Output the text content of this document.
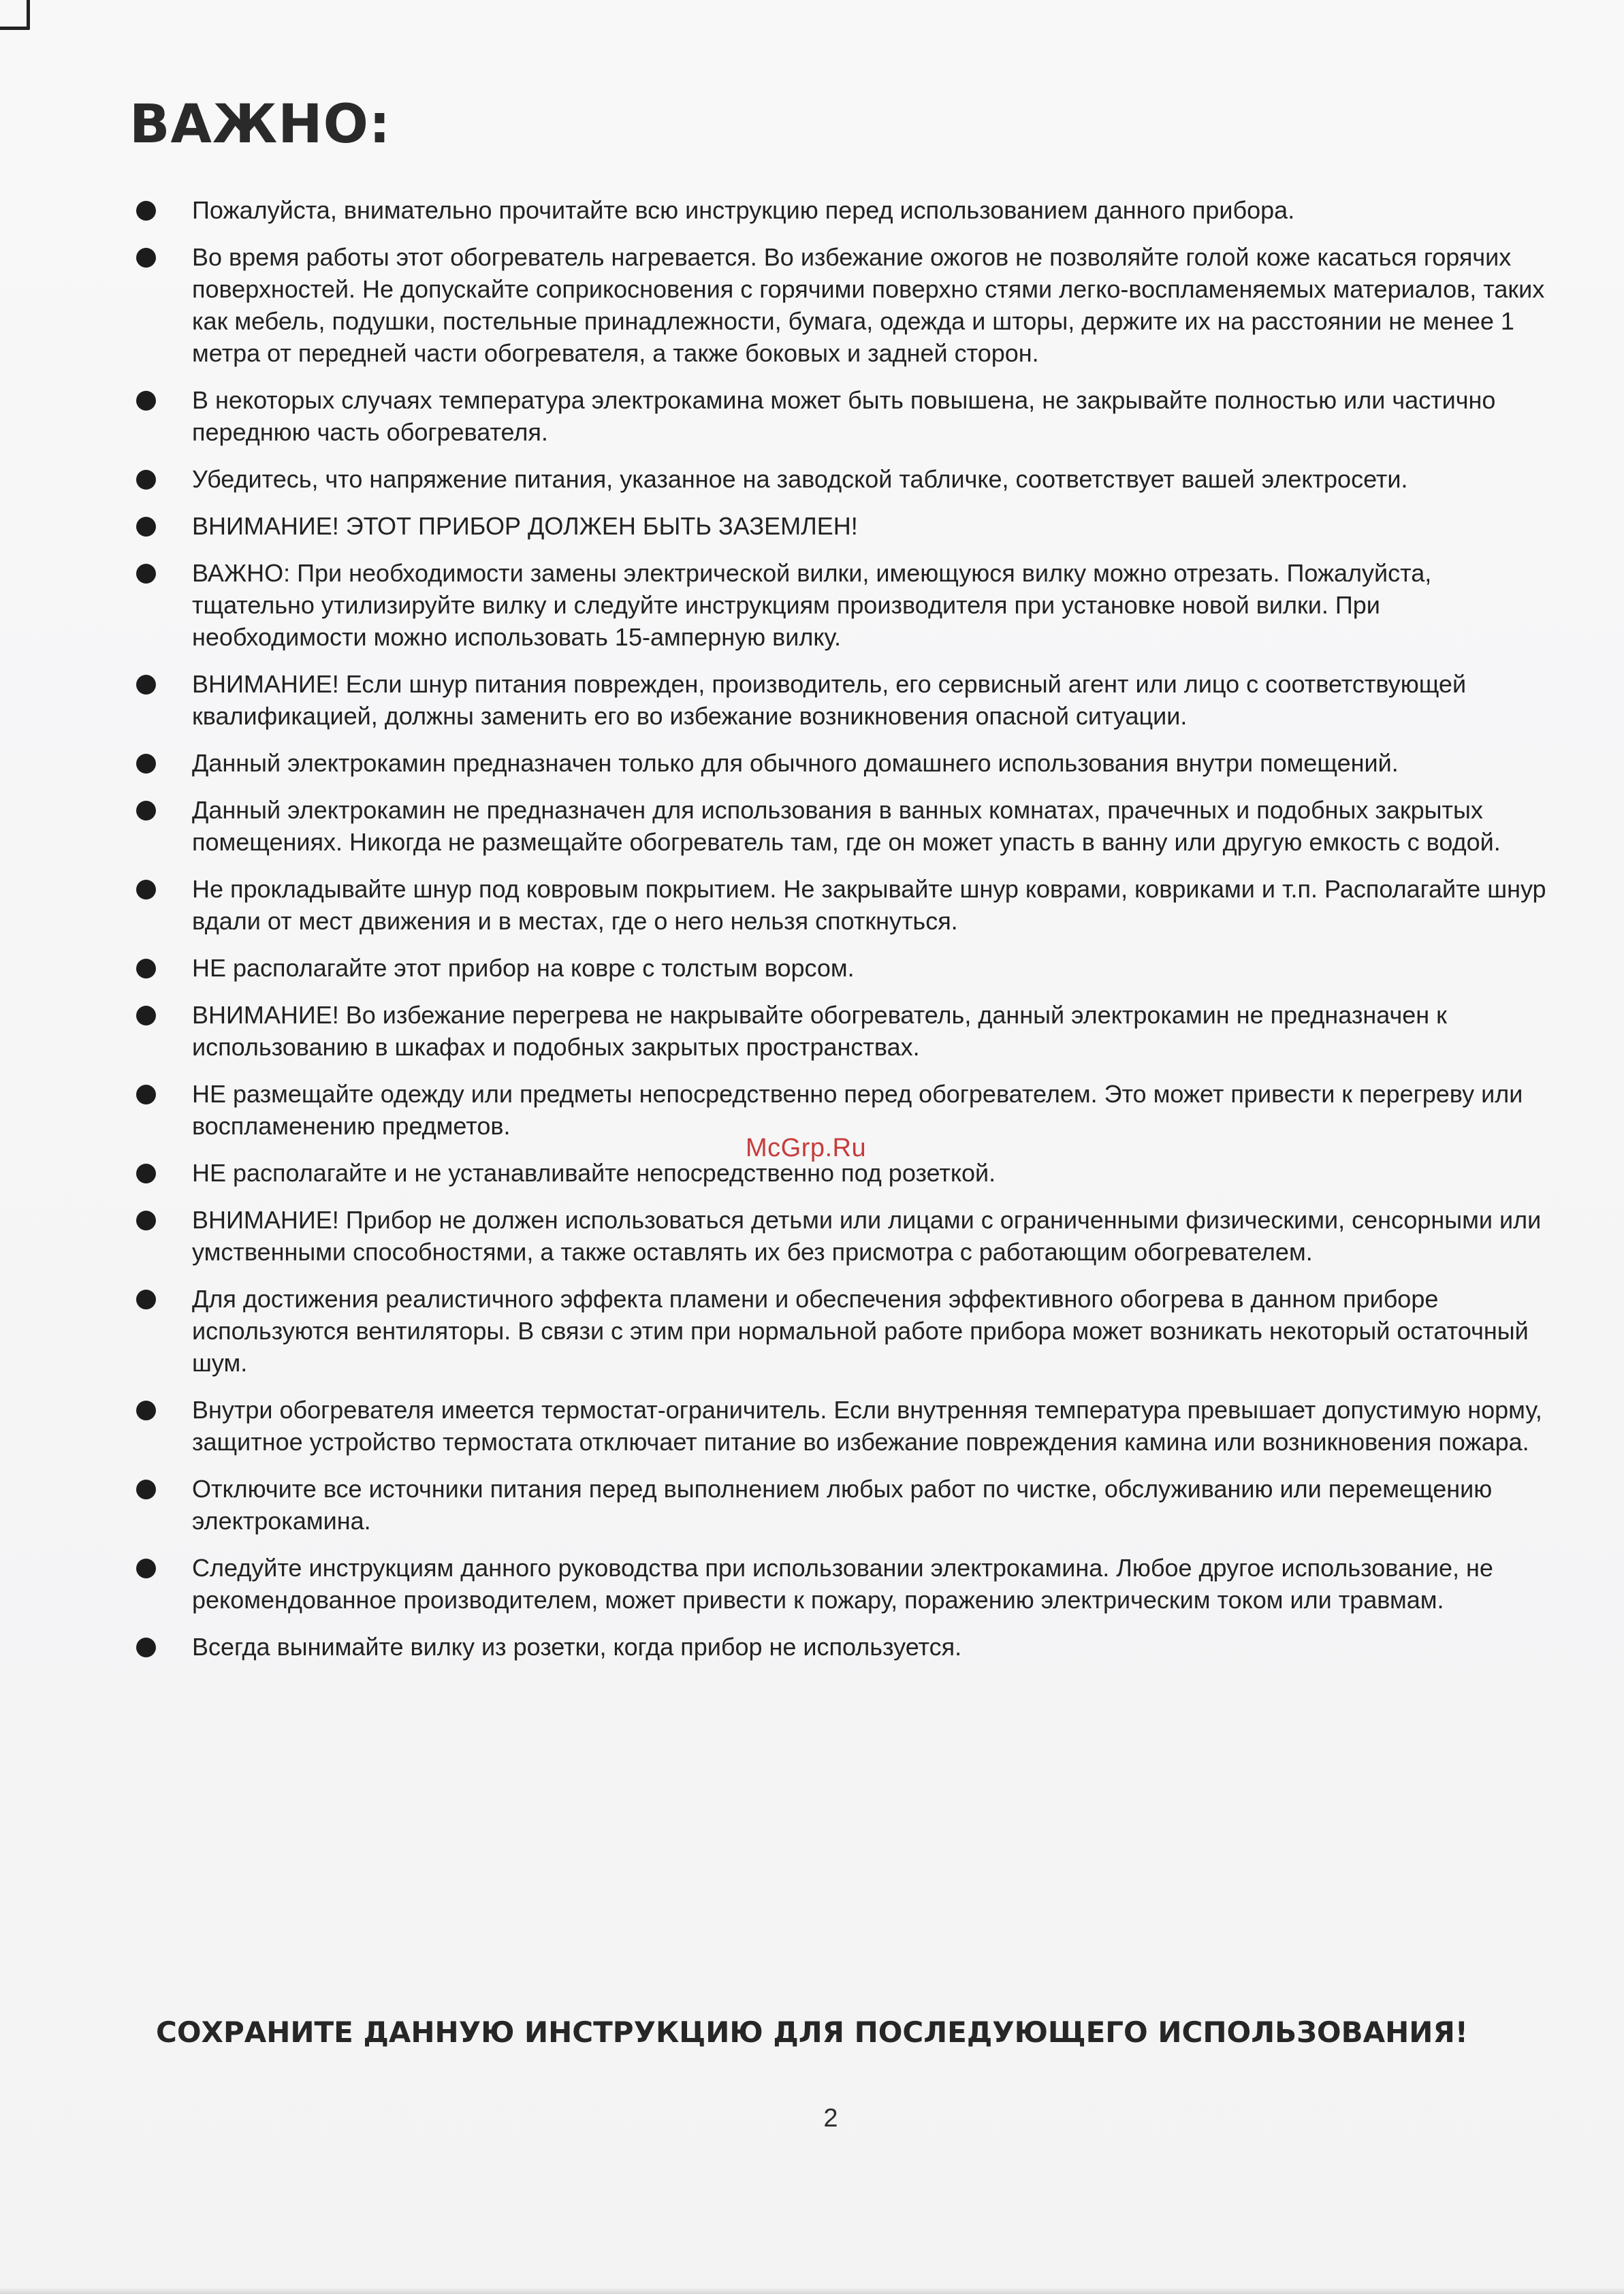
ВАЖНО:
Пожалуйста, внимательно прочитайте всю инструкцию перед использованием данного прибора.
Во время работы этот обогреватель нагревается. Во избежание ожогов не позволяйте голой коже касаться горячих поверхностей. Не допускайте соприкосновения с горячими поверхно стями легко-воспламеняемых материалов, таких как мебель, подушки, постельные принадлежности, бумага, одежда и шторы, держите их на расстоянии не менее 1 метра от передней части обогревателя, а также боковых и задней сторон.
В некоторых случаях температура электрокамина может быть повышена, не закрывайте полностью или частично переднюю часть обогревателя.
Убедитесь, что напряжение питания, указанное на заводской табличке, соответствует вашей электросети.
ВНИМАНИЕ! ЭТОТ ПРИБОР ДОЛЖЕН БЫТЬ ЗАЗЕМЛЕН!
ВАЖНО: При необходимости замены электрической вилки, имеющуюся вилку можно отрезать. Пожалуйста, тщательно утилизируйте вилку и следуйте инструкциям производителя при установке новой вилки. При необходимости можно использовать 15-амперную вилку.
ВНИМАНИЕ! Если шнур питания поврежден, производитель, его сервисный агент или лицо с соответствующей квалификацией, должны заменить его во избежание возникновения опасной ситуации.
Данный электрокамин предназначен только для обычного домашнего использования внутри помещений.
Данный электрокамин не предназначен для использования в ванных комнатах, прачечных и подобных закрытых помещениях. Никогда не размещайте обогреватель там, где он может упасть в ванну или другую емкость с водой.
Не прокладывайте шнур под ковровым покрытием. Не закрывайте шнур коврами, ковриками и т.п. Располагайте шнур вдали от мест движения и в местах, где о него нельзя споткнуться.
НЕ располагайте этот прибор на ковре с толстым ворсом.
ВНИМАНИЕ! Во избежание перегрева не накрывайте обогреватель, данный электрокамин не предназначен к использованию в шкафах и подобных закрытых пространствах.
НЕ размещайте одежду или предметы непосредственно перед обогревателем. Это может привести к перегреву или воспламенению предметов.
НЕ располагайте и не устанавливайте непосредственно под розеткой.
ВНИМАНИЕ! Прибор не должен использоваться детьми или лицами с ограниченными физическими, сенсорными или умственными способностями, а также оставлять их без присмотра с работающим обогревателем.
Для достижения реалистичного эффекта пламени и обеспечения эффективного обогрева в данном приборе используются вентиляторы. В связи с этим при нормальной работе прибора может возникать некоторый остаточный шум.
Внутри обогревателя имеется термостат-ограничитель. Если внутренняя температура превышает допустимую норму, защитное устройство термостата отключает питание во избежание повреждения камина или возникновения пожара.
Отключите все источники питания перед выполнением любых работ по чистке, обслуживанию или перемещению электрокамина.
Следуйте инструкциям данного руководства при использовании электрокамина. Любое другое использование, не рекомендованное производителем, может привести к пожару, поражению электрическим током или травмам.
Всегда вынимайте вилку из розетки, когда прибор не используется.
McGrp.Ru

СОХРАНИТЕ ДАННУЮ ИНСТРУКЦИЮ ДЛЯ ПОСЛЕДУЮЩЕГО ИСПОЛЬЗОВАНИЯ!

2
